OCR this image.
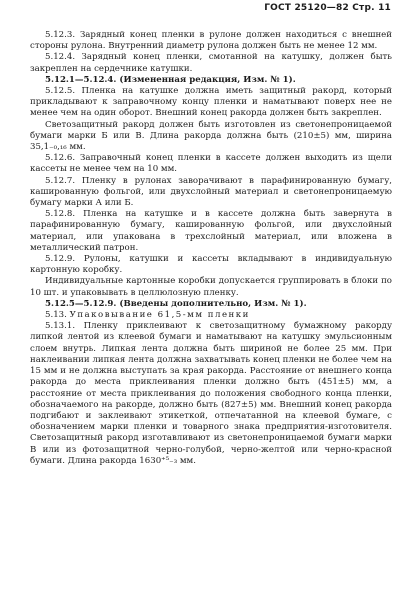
ГОСТ 25120—82 Стр. 11

5.12.3. Зарядный конец пленки в рулоне должен находиться с внешней стороны рулона. Внутренний диаметр рулона должен быть не менее 12 мм.

5.12.4. Зарядный конец пленки, смотанной на катушку, должен быть закреплен на сердечнике катушки.

5.12.1—5.12.4. (Измененная редакция, Изм. № 1).

5.12.5. Пленка на катушке должна иметь защитный ракорд, который прикладывают к заправочному концу пленки и наматывают поверх нее не менее чем на один оборот. Внешний конец ракорда должен быть закреплен.

Светозащитный ракорд должен быть изготовлен из светонепроницаемой бумаги марки Б или В. Длина ракорда должна быть (210±5) мм, ширина 35,1₋₀,₁₆ мм.

5.12.6. Заправочный конец пленки в кассете должен выходить из щели кассеты не менее чем на 10 мм.

5.12.7. Пленку в рулонах заворачивают в парафинированную бумагу, кашированную фольгой, или двухслойный материал и светонепроницаемую бумагу марки А или Б.

5.12.8. Пленка на катушке и в кассете должна быть завернута в парафинированную бумагу, кашированную фольгой, или двухслойный материал, или упакована в трехслойный материал, или вложена в металлический патрон.

5.12.9. Рулоны, катушки и кассеты вкладывают в индивидуальную картонную коробку.

Индивидуальные картонные коробки допускается группировать в блоки по 10 шт. и упаковывать в целлюлозную пленку.

5.12.5—5.12.9. (Введены дополнительно, Изм. № 1).

5.13. Упаковывание 61,5-мм пленки

5.13.1. Пленку приклеивают к светозащитному бумажному ракорду липкой лентой из клеевой бумаги и наматывают на катушку эмульсионным слоем внутрь. Липкая лента должна быть шириной не более 25 мм. При наклеивании липкая лента должна захватывать конец пленки не более чем на 15 мм и не должна выступать за края ракорда. Расстояние от внешнего конца ракорда до места приклеивания пленки должно быть (451±5) мм, а расстояние от места приклеивания до положения свободного конца пленки, обозначаемого на ракорде, должно быть (827±5) мм. Внешний конец ракорда подгибают и заклеивают этикеткой, отпечатанной на клеевой бумаге, с обозначением марки пленки и товарного знака предприятия-изготовителя. Светозащитный ракорд изготавливают из светонепроницаемой бумаги марки В или из фотозащитной черно-голубой, черно-желтой или черно-красной бумаги. Длина ракорда 1630⁺⁵₋₃ мм.
